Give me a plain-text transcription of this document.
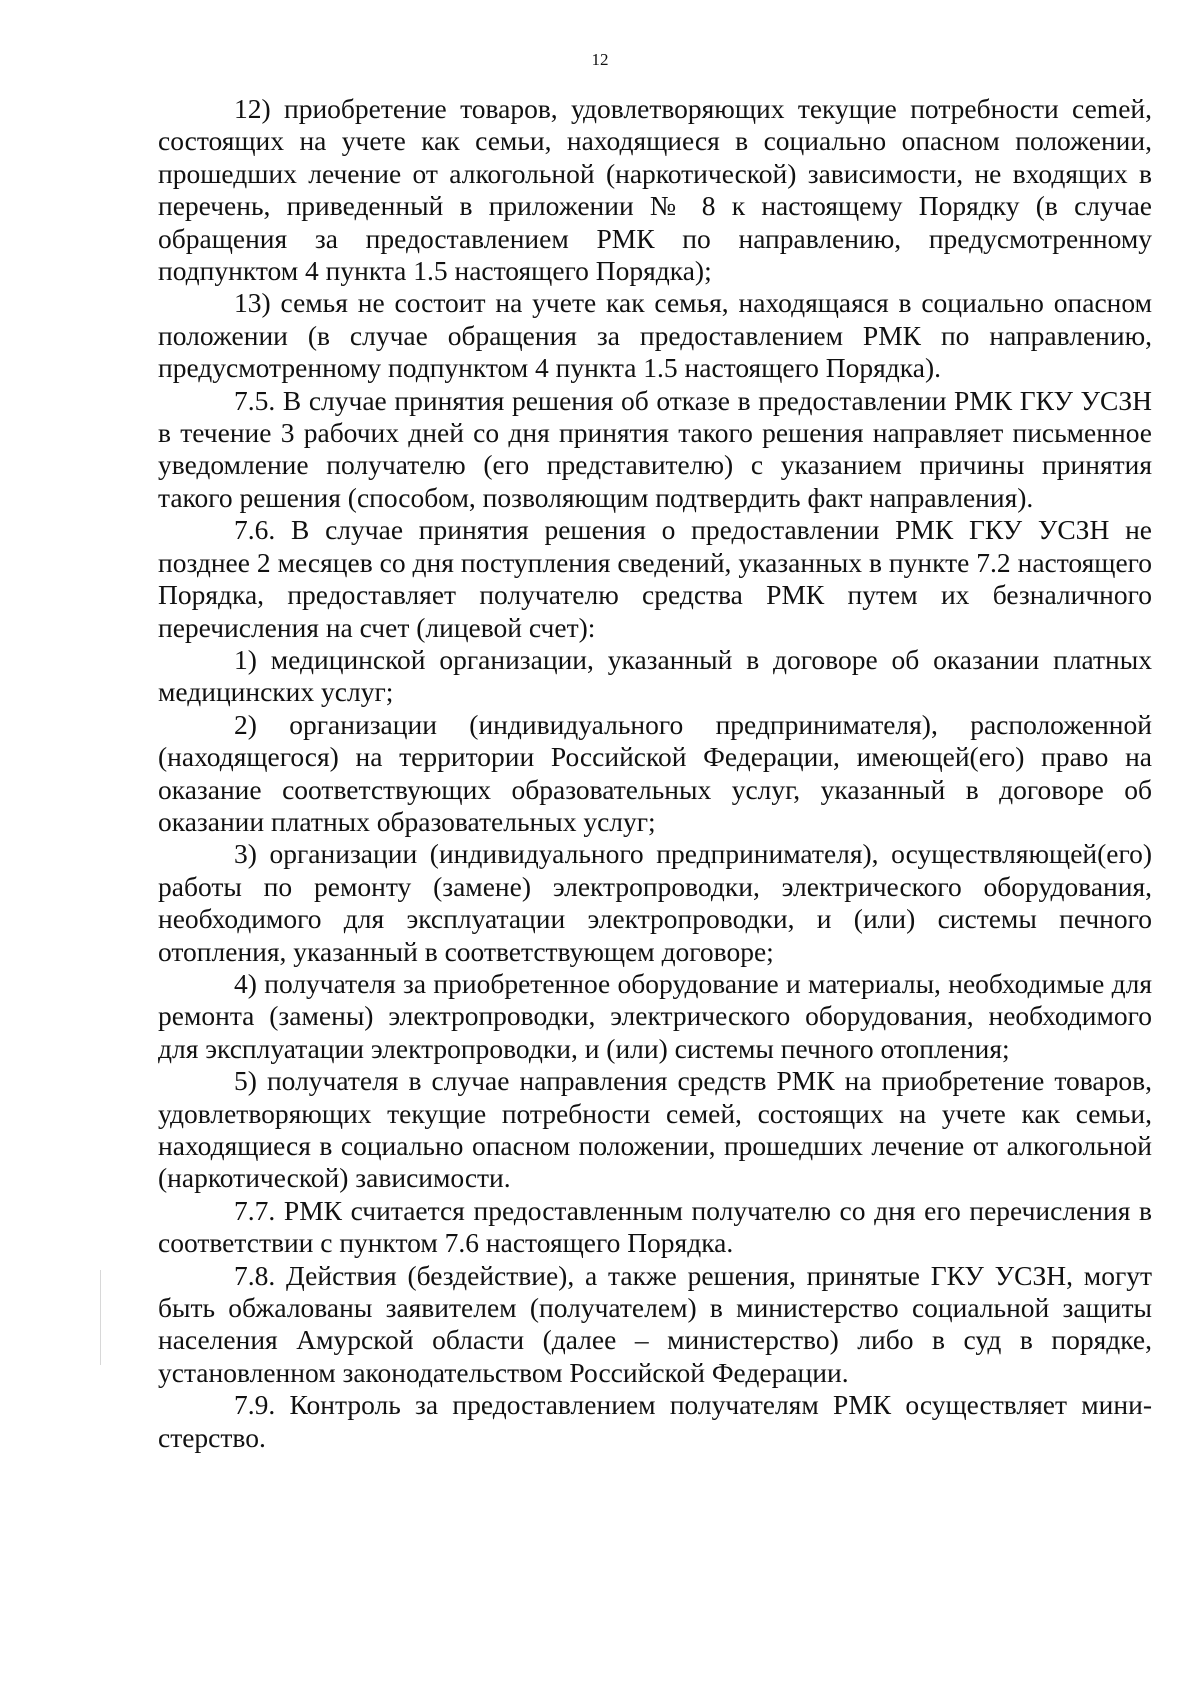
12

12) приобретение товаров, удовлетворяющих текущие потребности сеmей, состоящих на учете как семьи, находящиеся в социально опасном положении, прошедших лечение от алкогольной (наркотической) зависимости, не входящих в перечень, приведенный в приложении № 8 к настоящему Порядку (в случае обращения за предоставлением РМК по направлению, предусмотренному подпунктом 4 пункта 1.5 настоящего Порядка);

13) семья не состоит на учете как семья, находящаяся в социально опасном положении (в случае обращения за предоставлением РМК по направлению, предусмотренному подпунктом 4 пункта 1.5 настоящего Порядка).

7.5. В случае принятия решения об отказе в предоставлении РМК ГКУ УСЗН в течение 3 рабочих дней со дня принятия такого решения направляет письменное уведомление получателю (его представителю) с указанием причины принятия такого решения (способом, позволяющим подтвердить факт направления).

7.6. В случае принятия решения о предоставлении РМК ГКУ УСЗН не позднее 2 месяцев со дня поступления сведений, указанных в пункте 7.2 настоящего Порядка, предоставляет получателю средства РМК путем их безналичного перечисления на счет (лицевой счет):

1) медицинской организации, указанный в договоре об оказании платных медицинских услуг;

2) организации (индивидуального предпринимателя), расположенной (находящегося) на территории Российской Федерации, имеющей(его) право на оказание соответствующих образовательных услуг, указанный в договоре об оказании платных образовательных услуг;

3) организации (индивидуального предпринимателя), осуществляющей(его) работы по ремонту (замене) электропроводки, электрического оборудования, необходимого для эксплуатации электропроводки, и (или) системы печного отопления, указанный в соответствующем договоре;

4) получателя за приобретенное оборудование и материалы, необходимые для ремонта (замены) электропроводки, электрического оборудования, необходимого для эксплуатации электропроводки, и (или) системы печного отопления;

5) получателя в случае направления средств РМК на приобретение товаров, удовлетворяющих текущие потребности семей, состоящих на учете как семьи, находящиеся в социально опасном положении, прошедших лечение от алкогольной (наркотической) зависимости.

7.7. РМК считается предоставленным получателю со дня его перечисления в соответствии с пунктом 7.6 настоящего Порядка.

7.8. Действия (бездействие), а также решения, принятые ГКУ УСЗН, могут быть обжалованы заявителем (получателем) в министерство социальной защиты населения Амурской области (далее – министерство) либо в суд в порядке, установленном законодательством Российской Федерации.

7.9. Контроль за предоставлением получателям РМК осуществляет министерство.
